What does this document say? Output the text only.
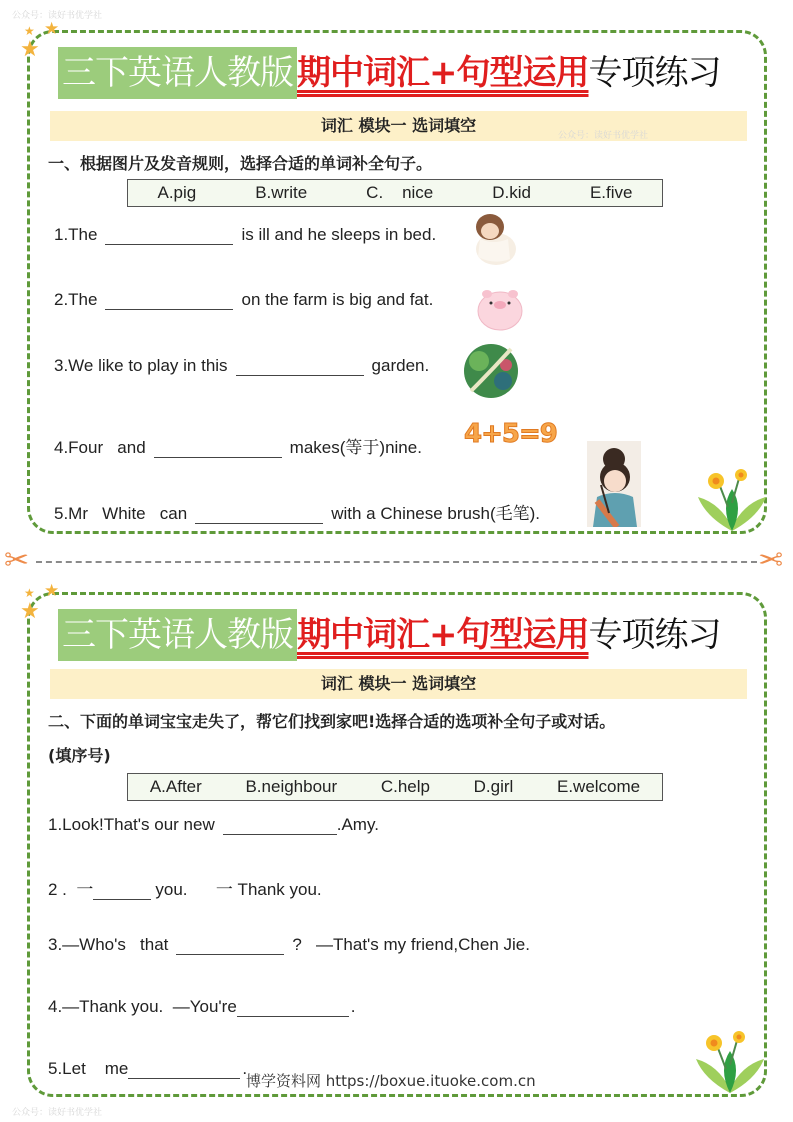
公众号：读好书优学社
公众号：读好书优学社
★ ★
★
三下英语人教版 期中词汇+句型运用 专项练习
词汇 模块一 选词填空
公众号：读好书优学社
一、根据图片及发音规则，选择合适的单词补全句子。
A.pig	B.write	C.    nice	D.kid	E.five
1.The	is ill and he sleeps in bed.
2.The	on the farm is big and fat.
3.We like to play in this	garden.
4.Four   and	makes(等于)nine. 4+5=9
5.Mr   White   can	with a Chinese brush(毛笔).
✂	✂
★ ★
★
三下英语人教版 期中词汇+句型运用 专项练习
词汇 模块一 选词填空
二、下面的单词宝宝走失了，帮它们找到家吧!选择合适的选项补全句子或对话。
(填序号)
A.After	B.neighbour	C.help	D.girl	E.welcome
1.Look!That's our new	.Amy.
2 .  一	you.      一 Thank you.
3.—Who's   that	?   —That's my friend,Chen Jie.
4.—Thank you.  —You're	.
5.Let    me	.
博学资料网 https://boxue.ituoke.com.cn
